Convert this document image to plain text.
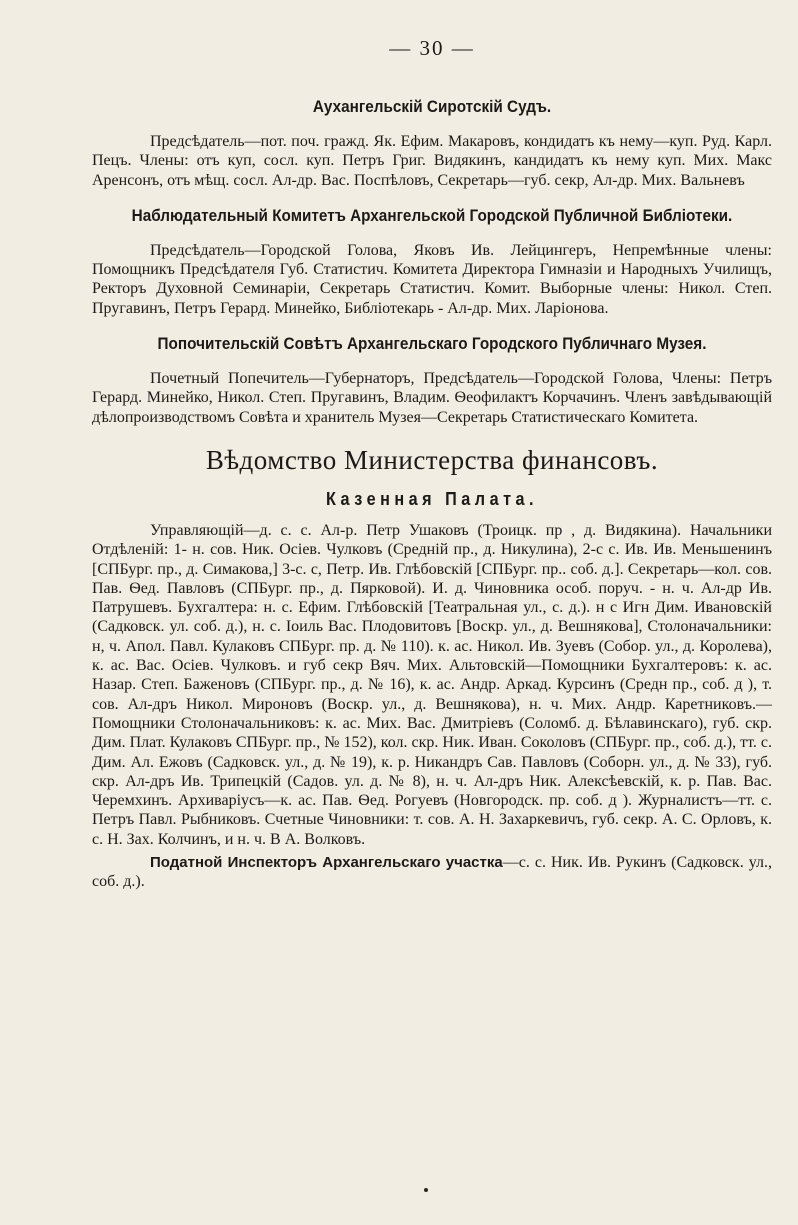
— 30 —
Аухангельскій Сиротскій Судъ.

Предсѣдатель—пот. поч. гражд. Як. Ефим. Макаровъ, кондидатъ къ нему—куп. Руд. Карл. Пецъ. Члены: отъ куп, сосл. куп. Петръ Григ. Видякинъ, кандидатъ къ нему куп. Мих. Макс Аренсонъ, отъ мѣщ. сосл. Ал-др. Вас. Поспѣловъ, Секретарь—губ. секр, Ал-др. Мих. Вальневъ

Наблюдательный Комитетъ Архангельской Городской Публичной Библіотеки.

Предсѣдатель—Городской Голова, Яковъ Ив. Лейцингеръ, Непремѣнные члены: Помощникъ Предсѣдателя Губ. Статистич. Комитета Директора Гимназіи и Народныхъ Училищъ, Ректоръ Духовной Семинаріи, Секретарь Статистич. Комит. Выборные члены: Никол. Степ. Пругавинъ, Петръ Герард. Минейко, Библіотекарь - Ал-др. Мих. Ларіонова.

Попочительскій Совѣтъ Архангельскаго Городского Публичнаго Музея.

Почетный Попечитель—Губернаторъ, Предсѣдатель—Городской Голова, Члены: Петръ Герард. Минейко, Никол. Степ. Пругавинъ, Владим. Ѳеофилактъ Корчачинъ. Членъ завѣдывающій дѣлопроизводствомъ Совѣта и хранитель Музея—Секретарь Статистическаго Комитета.

Вѣдомство Министерства финансовъ.
Казенная Палата.

Управляющій—д. с. с. Ал-р. Петр Ушаковъ (Троицк. пр , д. Видякина). Начальники Отдѣленій: 1- н. сов. Ник. Осіев. Чулковъ (Средній пр., д. Никулина), 2-с с. Ив. Ив. Меньшенинъ [СПБург. пр., д. Симакова,] 3-с. с, Петр. Ив. Глѣбовскій [СПБург. пр.. соб. д.]. Секретарь—кол. сов. Пав. Ѳед. Павловъ (СПБург. пр., д. Пярковой). И. д. Чиновника особ. поруч. - н. ч. Ал-др Ив. Патрушевъ. Бухгалтера: н. с. Ефим. Глѣбовскій [Театральная ул., с. д.). н с Игн Дим. Ивановскій (Садковск. ул. соб. д.), н. с. Іоиль Вас. Плодовитовъ [Воскр. ул., д. Вешнякова], Столоначальники: н, ч. Апол. Павл. Кулаковъ СПБург. пр. д. № 110). к. ас. Никол. Ив. Зуевъ (Собор. ул., д. Королева), к. ас. Вас. Осіев. Чулковъ. и губ секр Вяч. Мих. Альтовскій—Помощники Бухгалтеровъ: к. ас. Назар. Степ. Баженовъ (СПБург. пр., д. № 16), к. ас. Андр. Аркад. Курсинъ (Средн пр., соб. д ), т. сов. Ал-дръ Никол. Мироновъ (Воскр. ул., д. Вешнякова), н. ч. Мих. Андр. Каретниковъ.—Помощники Столоначальниковъ: к. ас. Мих. Вас. Дмитріевъ (Соломб. д. Бѣлавинскаго), губ. скр. Дим. Плат. Кулаковъ СПБург. пр., № 152), кол. скр. Ник. Иван. Соколовъ (СПБург. пр., соб. д.), тт. с. Дим. Ал. Ежовъ (Садковск. ул., д. № 19), к. р. Никандръ Сав. Павловъ (Соборн. ул., д. № 33), губ. скр. Ал-дръ Ив. Трипецкій (Садов. ул. д. № 8), н. ч. Ал-дръ Ник. Алексѣевскій, к. р. Пав. Вас. Черемхинъ. Архиваріусъ—к. ас. Пав. Ѳед. Рогуевъ (Новгородск. пр. соб. д ). Журналистъ—тт. с. Петръ Павл. Рыбниковъ. Счетные Чиновники: т. сов. А. Н. Захаркевичъ, губ. секр. А. С. Орловъ, к. с. Н. Зах. Колчинъ, и н. ч. В А. Волковъ.

Податной Инспекторъ Архангельскаго участка—с. с. Ник. Ив. Рукинъ (Садковск. ул., соб. д.).
